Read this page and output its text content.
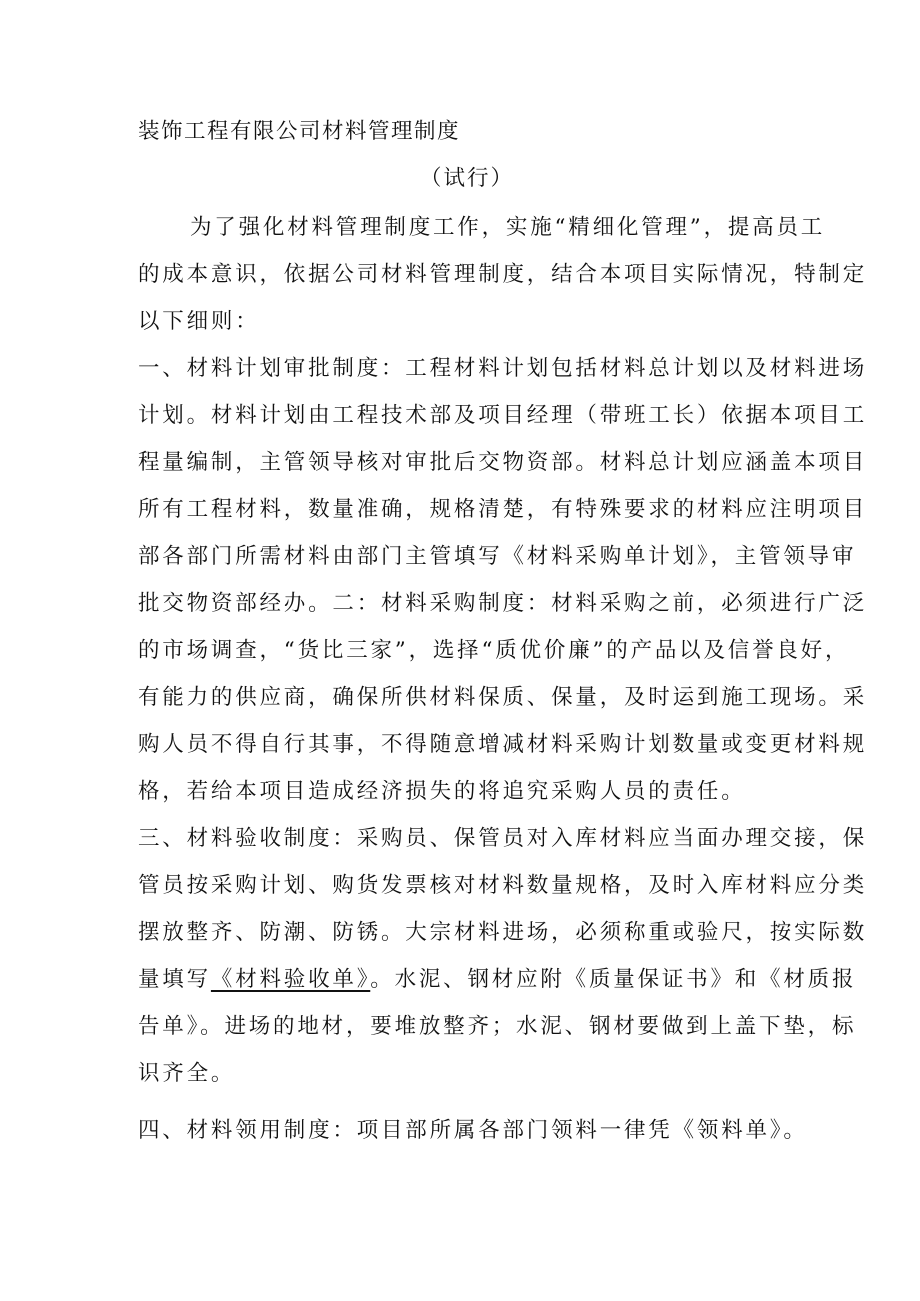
装饰工程有限公司材料管理制度
（试行）
为了强化材料管理制度工作，实施“精细化管理”，提高员工
的成本意识，依据公司材料管理制度，结合本项目实际情况，特制定
以下细则：
一、材料计划审批制度：工程材料计划包括材料总计划以及材料进场
计划。材料计划由工程技术部及项目经理（带班工长）依据本项目工
程量编制，主管领导核对审批后交物资部。材料总计划应涵盖本项目
所有工程材料，数量准确，规格清楚，有特殊要求的材料应注明项目
部各部门所需材料由部门主管填写《材料采购单计划》，主管领导审
批交物资部经办。二：材料采购制度：材料采购之前，必须进行广泛
的市场调查，“货比三家”，选择“质优价廉”的产品以及信誉良好，
有能力的供应商，确保所供材料保质、保量，及时运到施工现场。采
购人员不得自行其事，不得随意增减材料采购计划数量或变更材料规
格，若给本项目造成经济损失的将追究采购人员的责任。
三、材料验收制度：采购员、保管员对入库材料应当面办理交接，保
管员按采购计划、购货发票核对材料数量规格，及时入库材料应分类
摆放整齐、防潮、防锈。大宗材料进场，必须称重或验尺，按实际数
量填写《材料验收单》。水泥、钢材应附《质量保证书》和《材质报
告单》。进场的地材，要堆放整齐；水泥、钢材要做到上盖下垫，标
识齐全。
四、材料领用制度：项目部所属各部门领料一律凭《领料单》。
